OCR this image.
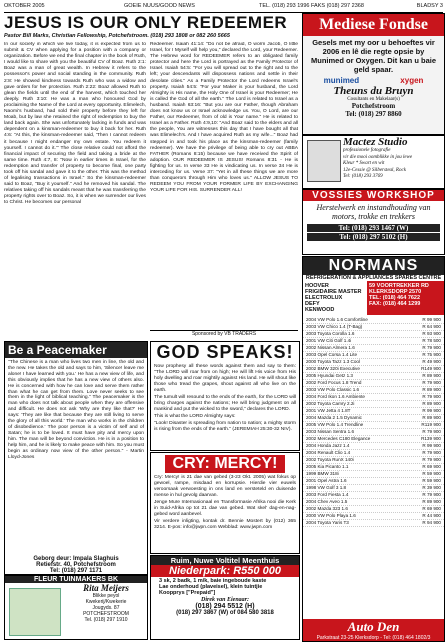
OKTOBER 2005	GOEIE NUUS/GOOD NEWS	TEL. (018) 293 1996 FAKS (018) 297 2368	BLADSY 3
JESUS IS OUR ONLY REDEEMER
Pastor Bill Marks, Christian Fellowship, Potchefstroom. (018) 293 1808 or 082 260 5665
In our society in which we live today, it is expected from us to submit & CV when applying for a position with a company or organization. Before we end the final chapter in the book of Ruth, I would like to share with you the beautiful CV of Boaz. Ruth 2:1: Boaz was a man of great wealth. In Hebrew it refers to the possessor's power and social standing in the community. Ruth 2:8: He showed kindness towards Ruth who was a widow and gave orders for her protection. Ruth 2:22: Boaz allowed Ruth to glean the fields until the end of the harvest, which touched her deeply. Ruth 3:10: He was a man who honoured God by proclaiming the Name of the Lord at every opportunity. Elimelech, Naomi's husband, had sold their property before they left for Moab, but by law she retained the right of redemption to buy the land back again. She was unfortunately lacking in funds and was dependent on a kinsman-redeemer to buy it back for her. Ruth 4:6: "At this, the kinsman-redeemer said, 'Then I cannot redeem it because I might endanger my own estate. You redeem it yourself. I cannot do it.'" The close relative could not afford the financial impact of securing the field and taking a bride at the same time. Ruth 4:7, 8: "Now in earlier times in Israel, for the redemption and transfer of property to become final, one party took off his sandal and gave it to the other. This was the method of legalising transactions in Israel." So the kinsman-redeemer said to Boaz, "Buy it yourself." And he removed his sandal. The relatives taking off his sandals meant that he was transferring the property rights over to Boaz. So, it is when we surrender our lives to Christ. He becomes our personal
Redeemer. Isaiah 41:14: "Do not be afraid, O worm Jacob, O little Israel, for I Myself will help you," declared the Lord, your Redeemer. The Hebrew word for REDEEMER refers to an obligated family protector and here the Lord is portrayed as the Family Protector of Israel. Isaiah 54:5: "For you will spread out to the right and to the left; your descendants will dispossess nations and settle in their desolate cities." As a Family Protector the Lord redeems Israel's property. Isaiah 54:5: "For your Maker is your husband, the Lord Almighty is His name, the Holy One of Israel is your Redeemer; He is called the God of all the earth." The Lord is related to Israel as a husband. Isaiah 63:16: "But you are our Father, though Abraham does not know us or Israel acknowledge us. You, O Lord, are our Father, our Redeemer, from of old is Your name." He is related to Israel as a Father. Ruth 4:9,10: "And Boaz said to the elders and all the people, You are witnesses this day that I have bought all that was Elimelech's. And I have acquired Ruth as my wife..." Boaz had stepped in and took his place as the kinsman-redeemer (family redeemer). We have the privilege of being able to cry out ABBA FATHER (Romans 8:15) because we have received the Spirit of adoption. OUR REDEEMER IS JESUS! Romans 8:31 - He is fighting for us. In verse 33 He is vindicating us. In verse 34 He is interceding for us. Verse 37: "Yet in all these things we are more than conquerors through Him who loves us." ALLOW JESUS TO REDEEM YOU FROM YOUR FORMER LIFE BY EXCHANGING YOUR LIFE FOR HIS. SURRENDER ALL!
Sponsored by VB TRADERS
Mediese Fondse
Gesels met my oor u behoeftes vir 2006 en lê die regte opsie by Munimed or Oxygen. Dit kan u baie geld spaar.
munimed	xygen
Theuns du Bruyn
Cosultants en Makelaar(s)
Potchefstroom
Tel: (018) 297 8860
Mactez Studio
professionele fotografie
vir die mooi oomblikke in jou lewe
Kleur * Swart en wit
12e-Cessie @ Silbersteal, Rock
Tel: (018) 293 3769
VOSSIES WORKSHOP
Herstelwerk en instandhouding van motors, trokke en trekkers
Tel: (018) 293 1467 (W)
Tel: (018) 297 5102 (H)
NORMANS
REFRIGERATION & APPLIANCES SPARES CENTRE
HOOVER
FRIGIDAIRE MASTER
ELECTROLUX
DEFY
KENWOOD
59 VOORTREKKER RD KLERKSDORP 2570
TEL: (018) 464 7622
FAX: (018) 464 1299
2004 VW Polo 1.6 Comfortline	R 99 900
2003 VW Chico 1.4 (T-Bag)	R 64 900
2003 Toyota Corolla 1.6	R 93 900
2001 VW Citi Golf 1.4i	R 78 500
2002 Nissan Almera 1.6	R 79 900
2003 Opel Corsa 1.4 Lite	R 75 900
2000 Toyota Tazz 1.3 Cool	R 49 900
2002 BMW 320i Executive	R149 900
2005 Hyundai Getz 1.3	R 89 900
2002 Ford Focus 1.8 Trend	R 79 900
2003 VW Polo Classic 1.6	R 89 900
2004 Ford Ikon 1.6 Ambiente	R 79 900
2002 Toyota Camry 2.2i	R 89 900
2001 VW Jetta 4 1.8T	R 99 900
2004 Mazda 2 1.5 Dynamic	R 89 900
2005 VW Polo 1.4 Trendline	R119 900
2003 Nissan Sentra 1.6	R 79 900
2002 Mercedes C180 Elegance	R139 900
2004 Honda Jazz 1.4	R 99 900
2004 Renault Clio 1.4	R 79 900
2002 Toyota RunX 140i	R 79 900
2005 Kia Picanto 1.1	R 69 900
1999 BMW 318i	R 59 900
2001 Opel Astra 1.6	R 59 900
1998 VW Golf 3 1.8	R 39 900
2003 Ford Fiesta 1.4	R 79 900
2004 Chev Aveo 1.5	R 89 900
2002 Mazda 323 1.6	R 69 900
2000 VW Polo Playa 1.6	R 44 900
2004 Toyota Yaris T3	R 94 900
Auto Den
Parkstraat 23-25 Klerksdorp - Tel: (018) 464 1802/3
Be a Peacemaker
"The Chinese is a man who lives two men in line, the old and the new. He takes the old and says to him, 'Silence! leave me alone! I have learned with you.' He has a new view of life, and this obviously implies that he has a new view of others also. He is concerned with how he can love and serve them rather than what he can get from them. Love never seeks to see them in the light of biblical teaching." The peacemaker is the man who does not talk about people when they are offensive and difficult. He does not ask 'Why are they like that?' He says: 'They are like that because they are still living to serve the glory of all this world.' The man who works in the children of disobedience.' The poor person is a victim of self and of Satan; he is to be loved. It must have pity and mercy upon him. The man will be beyond conviction. He is in a position to help him, and he is likely to make peace with him. So you must begin as ordinary now view of the other person." - Martin Lloyd-Jones
Geborg deur: Impala Slaghuis
Retiefstr. 40, Potchefstroom
Tel: (018) 297 1171
FLEUR TUINMAKERS BK
Rita Meijers
Blikke peyol
Kwekerij/Kwekerie
Jougyds. 87
POTCHEFSTROOM
Tel. (018) 297 1910
GOD SPEAKS!

Now prophesy all these words against them and say to them: "The LORD will roar from on high; He will lift His voice from His holy dwelling and roar mightily against His land. He will shout like those who tread the grapes, shout against all who live on the earth.

The tumult will resound to the ends of the earth, for the LORD will bring charges against the nations; He will bring judgment on all mankind and put the wicked to the sword," declares the LORD.

This is what the LORD Almighty says:

"Look! Disaster is spreading from nation to nation; a mighty storm is rising from the ends of the earth." (JEREMIAH 25:30-32 NIV).

CRY: MERCY!

Cry: Mercy! is 21 dae van gebed (3-23 Okt. 2005) wat fokus op gewoel, rampe, misdaad en korrupsie. Hierdie vier euwels veroorsaak verwoesting in ons land en versteteld en duisende mense in hul gevolg daarvan.

Jenge Mure Internasionaal en Transformasie Afrika nooi die Kerk in Suid-Afrika op tot 21 dae van gebed. Wat skel' dag-en-nag-gebed word aanbevel.

Vir verdere inligting, kontak dr. Bennie Mostert by (012) 365 3214. E-pos: info@jwpn.com Webblad: www.jwpn.com

Ruim, Nuwe Voltitel Meenthuis
Niederpark: R550 000
3 sk, 2 badk, 1 m/k, baie ingeboude kaste
Lae onderhoud (plaveisel), klein tuintjie
Koopprys ["Prepaid"]
Direk van Eienaar:
(018) 294 5512 (H)
(018) 297 3867 (W) of 084 580 3818
